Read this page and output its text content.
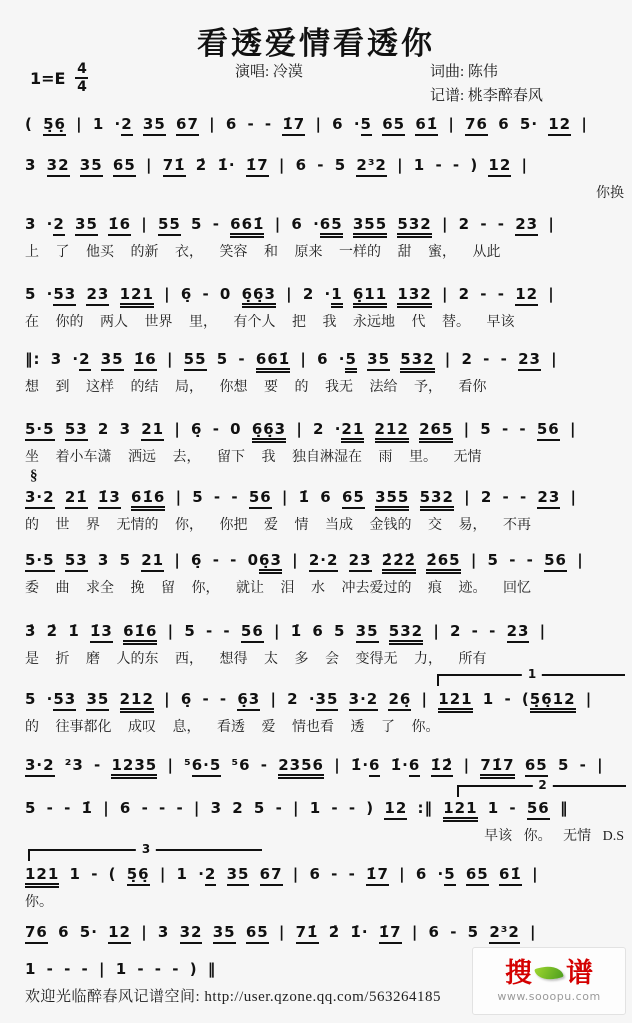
看透爱情看透你
演唱: 冷漠	词曲: 陈伟
记谱: 桃李醉春风
1=E 4
4
( 5̣6̣ | 1 ·2 35 67 | 6 - - 1̇7 | 6 ·5 65 61̇ | 76 6 5· 12 |
3 32 35 65 | 71̇ 2̇ 1̇· 1̇7 | 6 - 5 2³2 | 1 - - ) 12 |
你换
3 ·2 35 1̇6 | 55 5 - 661̇ | 6 ·65 355 532 | 2 - - 23 |
上 了 他买 的新 衣， 笑容 和 原来 一样的 甜 蜜， 从此
5 ·53 23 121 | 6̣ - 0 6̣6̣3 | 2 ·1 6̣11 132 | 2 - - 12 |
在 你的 两人 世界 里， 有个人 把 我 永远地 代 替。 早该
‖: 3 ·2 35 1̇6 | 55 5 - 661̇ | 6 ·5 35 532 | 2 - - 23 |
想 到 这样 的结 局， 你想 要 的 我无 法给 予， 看你
5·5 53 2 3 21 | 6̣ - 0 6̣6̣3 | 2 ·21 212 265 | 5 - - 56 |
坐 着小车潇 洒远 去， 留下 我 独自淋湿在 雨 里。 无情
§
3·2 21̇ 1̇3 61̇6 | 5 - - 56 | 1̇ 6 65 355 532 | 2 - - 23 |
的 世 界 无情的 你， 你把 爱 情 当成 金钱的 交 易， 不再
5·5 53 3 5 21 | 6̣ - - 06̣3 | 2·2 23 2̇2̇2̇ 2̇65 | 5 - - 56 |
委 曲 求全 挽 留 你， 就让 泪 水 冲去爱过的 痕 迹。 回忆
3̇ 2̇ 1̇ 1̇3 61̇6 | 5 - - 56 | 1̇ 6 5 35 532 | 2 - - 23 |
是 折 磨 人的东 西， 想得 太 多 会 变得无 力， 所有
1
5 ·53 35 212 | 6̣ - - 6̣3 | 2 ·35 3·2 26̣ | 121 1 - (5̣6̣12 |
的 往事都化 成叹 息， 看透 爱 情也看 透 了 你。
3·2 ²3 - 1235 | ⁵6·5 ⁵6 - 2356 | 1̇·6 1̇·6 1̇2̇ | 71̇7 65 5 - |
2
5 - - 1̇ | 6 - - - | 3 2 5 - | 1 - - ) 12 :‖ 121 1 - 56 ‖
早该 你。 无情 D.S
3
121 1 - ( 5̣6̣ | 1 ·2 35 67 | 6 - - 1̇7 | 6 ·5 65 61̇ |
你。
76 6 5· 12 | 3 32 35 65 | 71̇ 2̇ 1̇· 1̇7 | 6 - 5 2³2 |
1 - - - | 1 - - - ) ‖
欢迎光临醉春风记谱空间: http://user.qzone.qq.com/563264185
搜 谱
www.sooopu.com
